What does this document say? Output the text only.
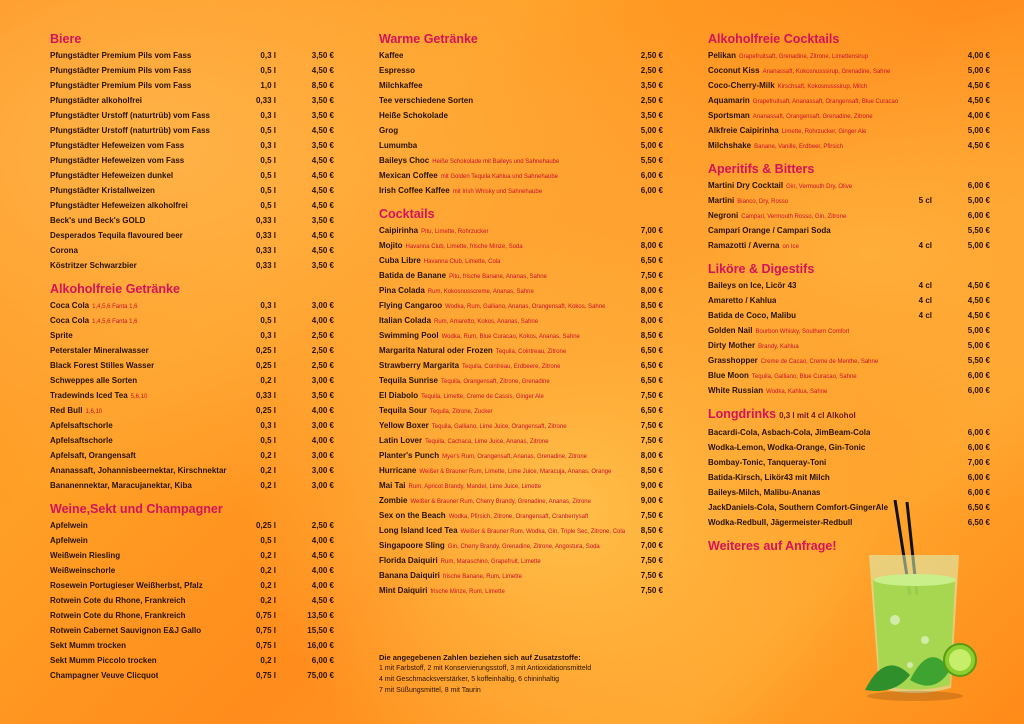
Biere
Pfungstädter Premium Pils vom Fass	0,3 l	3,50 €
Pfungstädter Premium Pils vom Fass	0,5 l	4,50 €
Pfungstädter Premium Pils vom Fass	1,0 l	8,50 €
Pfungstädter alkoholfrei	0,33 l	3,50 €
Pfungstädter Urstoff (naturtrüb) vom Fass	0,3 l	3,50 €
Pfungstädter Urstoff (naturtrüb) vom Fass	0,5 l	4,50 €
Pfungstädter Hefeweizen vom Fass	0,3 l	3,50 €
Pfungstädter Hefeweizen vom Fass	0,5 l	4,50 €
Pfungstädter Hefeweizen dunkel	0,5 l	4,50 €
Pfungstädter Kristallweizen	0,5 l	4,50 €
Pfungstädter Hefeweizen alkoholfrei	0,5 l	4,50 €
Beck's und Beck's GOLD	0,33 l	3,50 €
Desperados Tequila flavoured beer	0,33 l	4,50 €
Corona	0,33 l	4,50 €
Köstritzer Schwarzbier	0,33 l	3,50 €
Alkoholfreie Getränke
Coca Cola 1,4,5,6 Fanta 1,6	0,3 l	3,00 €
Coca Cola 1,4,5,6 Fanta 1,6	0,5 l	4,00 €
Sprite	0,3 l	2,50 €
Peterstaler Mineralwasser	0,25 l	2,50 €
Black Forest Stilles Wasser	0,25 l	2,50 €
Schweppes alle Sorten	0,2 l	3,00 €
Tradewinds Iced Tea 5,6,10	0,33 l	3,50 €
Red Bull 1,6,10	0,25 l	4,00 €
Apfelsaftschorle	0,3 l	3,00 €
Apfelsaftschorle	0,5 l	4,00 €
Apfelsaft, Orangensaft	0,2 l	3,00 €
Ananassaft, Johannisbeernektar, Kirschnektar	0,2 l	3,00 €
Bananennektar, Maracujanektar, Kiba	0,2 l	3,00 €
Weine,Sekt und Champagner
Apfelwein	0,25 l	2,50 €
Apfelwein	0,5 l	4,00 €
Weißwein Riesling	0,2 l	4,50 €
Weißweinschorle	0,2 l	4,00 €
Rosewein Portugieser Weißherbst, Pfalz	0,2 l	4,00 €
Rotwein Cote du Rhone, Frankreich	0,2 l	4,50 €
Rotwein Cote du Rhone, Frankreich	0,75 l	13,50 €
Rotwein Cabernet Sauvignon E&J Gallo	0,75 l	15,50 €
Sekt Mumm trocken	0,75 l	16,00 €
Sekt Mumm Piccolo trocken	0,2 l	6,00 €
Champagner Veuve Clicquot	0,75 l	75,00 €
Warme Getränke
Kaffee	2,50 €
Espresso	2,50 €
Milchkaffee	3,50 €
Tee verschiedene Sorten	2,50 €
Heiße Schokolade	3,50 €
Grog	5,00 €
Lumumba	5,00 €
Baileys Choc Heiße Schokolade mit Baileys und Sahnehaube	5,50 €
Mexican Coffee mit Golden Tequila Kahlua und Sahnehaube	6,00 €
Irish Coffee Kaffee mit Irish Whisky und Sahnehaube	6,00 €
Cocktails
Caipirinha Pitu, Limette, Rohrzucker	7,00 €
Mojito Havanna Club, Limette, frische Minze, Soda	8,00 €
Cuba Libre Havanna Club, Limette, Cola	6,50 €
Batida de Banane Pitu, frische Banane, Ananas, Sahne	7,50 €
Pina Colada Rum, Kokosnusscreme, Ananas, Sahne	8,00 €
Flying Cangaroo Wodka, Rum, Galliano, Ananas, Orangensaft, Kokos, Sahne	8,50 €
Italian Colada Rum, Amaretto, Kokos, Ananas, Sahne	8,00 €
Swimming Pool Wodka, Rum, Blue Curacao, Kokos, Ananas, Sahne	8,50 €
Margarita Natural oder Frozen Tequila, Cointreau, Zitrone	6,50 €
Strawberry Margarita Tequila, Cointreau, Erdbeere, Zitrone	6,50 €
Tequila Sunrise Tequila, Orangensaft, Zitrone, Grenadine	6,50 €
El Diabolo Tequila, Limette, Creme de Cassis, Ginger Ale	7,50 €
Tequila Sour Tequila, Zitrone, Zucker	6,50 €
Yellow Boxer Tequila, Galliano, Lime Juice, Orangensaft, Zitrone	7,50 €
Latin Lover Tequila, Cachaca, Lime Juice, Ananas, Zitrone	7,50 €
Planter's Punch Myer's Rum, Orangensaft, Ananas, Grenadine, Zitrone	8,00 €
Hurricane Weißer & Brauner Rum, Limette, Lime Juice, Maracuja, Ananas, Orange	8,50 €
Mai Tai Rum, Apricot Brandy, Mandel, Lime Juice, Limette	9,00 €
Zombie Weißer & Brauner Rum, Cherry Brandy, Grenadine, Ananas, Zitrone	9,00 €
Sex on the Beach Wodka, Pfirsich, Zitrone, Orangensaft, Cranberrysaft	7,50 €
Long Island Iced Tea Weißer & Brauner Rum, Wodka, Gin, Triple Sec, Zitrone, Cola 8,50 €
Singapoore Sling Gin, Cherry Brandy, Grenadine, Zitrone, Angostura, Soda	7,00 €
Florida Daiquiri Rum, Maraschino, Grapefruit, Limette	7,50 €
Banana Daiquiri frische Banane, Rum, Limette	7,50 €
Mint Daiquiri frische Minze, Rum, Limette	7,50 €
Alkoholfreie Cocktails
Pelikan Grapefruitsaft, Grenadine, Zitrone, Limettensirup	4,00 €
Coconut Kiss Ananassaft, Kokosnusssirup, Grenadine, Sahne	5,00 €
Coco-Cherry-Milk Kirschsaft, Kokosnusssirup, Milch	4,50 €
Aquamarin Grapefruitsaft, Ananassaft, Orangensaft, Blue Curacao	4,50 €
Sportsman Ananassaft, Orangensaft, Grenadine, Zitrone	4,00 €
Alkfreie Caipirinha Limette, Rohrzucker, Ginger Ale	5,00 €
Milchshake Banane, Vanille, Erdbeer, Pfirsich	4,50 €
Aperitifs & Bitters
Martini Dry Cocktail Gin, Vermouth Dry, Olive	6,00 €
Martini Bianco, Dry, Rosso	5 cl	5,00 €
Negroni Campari, Vermouth Rosso, Gin, Zitrone	6,00 €
Campari Orange / Campari Soda	5,50 €
Ramazotti / Averna on Ice	4 cl	5,00 €
Liköre & Digestifs
Baileys on Ice, Licör 43	4 cl	4,50 €
Amaretto / Kahlua	4 cl	4,50 €
Batida de Coco, Malibu	4 cl	4,50 €
Golden Nail Bourbon Whisky, Southern Comfort	5,00 €
Dirty Mother Brandy, Kahlua	5,00 €
Grasshopper Creme de Cacao, Creme de Menthe, Sahne	5,50 €
Blue Moon Tequila, Galliano, Blue Curacao, Sahne	6,00 €
White Russian Wodka, Kahlua, Sahne	6,00 €
Longdrinks 0,3 l mit 4 cl Alkohol
Bacardi-Cola, Asbach-Cola, JimBeam-Cola	6,00 €
Wodka-Lemon, Wodka-Orange, Gin-Tonic	6,00 €
Bombay-Tonic, Tanqueray-Toni	7,00 €
Batida-Kirsch, Likör43 mit Milch	6,00 €
Baileys-Milch, Malibu-Ananas	6,00 €
JackDaniels-Cola, Southern Comfort-GingerAle	6,50 €
Wodka-Redbull, Jägermeister-Redbull	6,50 €
Weiteres auf Anfrage!
Die angegebenen Zahlen beziehen sich auf Zusatzstoffe:
1 mit Farbstoff, 2 mit Konservierungsstoff, 3 mit Antioxidationsmitteld
4 mit Geschmacksverstärker, 5 koffeinhaltig, 6 chininhaltig
7 mit Süßungsmittel, 8 mit Taurin
